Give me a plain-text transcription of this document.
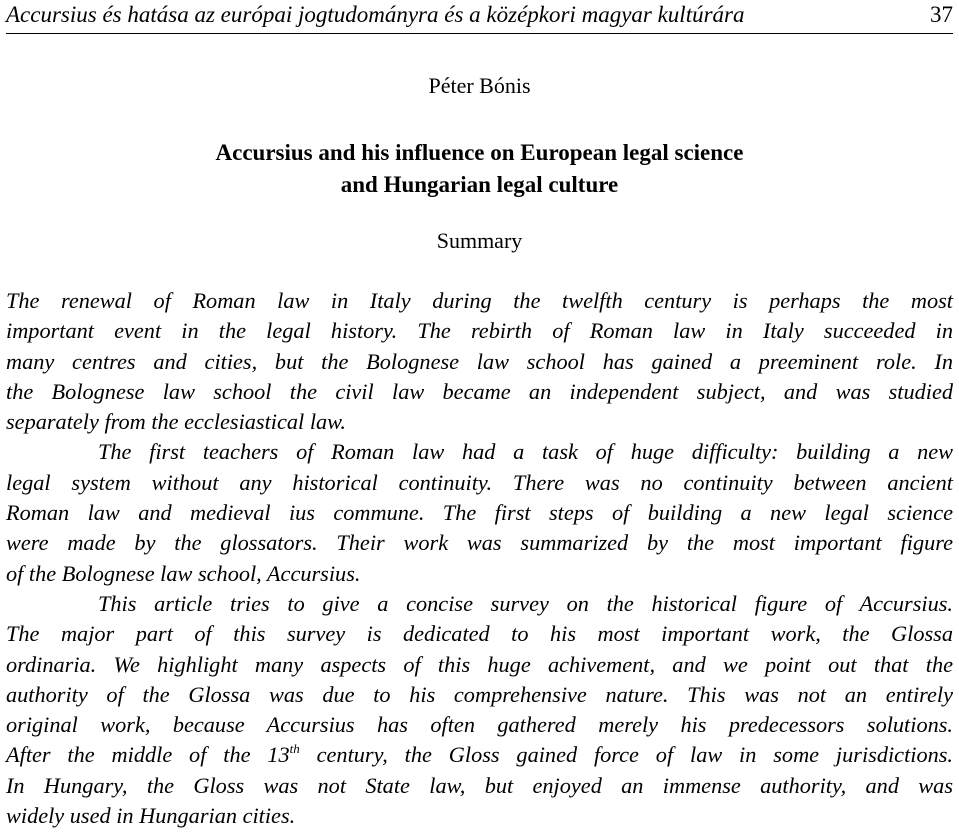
Accursius és hatása az európai jogtudományra és a középkori magyar kultúrára	37
Péter Bónis
Accursius and his influence on European legal science
and Hungarian legal culture
Summary
The renewal of Roman law in Italy during the twelfth century is perhaps the most
important event in the legal history. The rebirth of Roman law in Italy succeeded in
many centres and cities, but the Bolognese law school has gained a preeminent role. In
the Bolognese law school the civil law became an independent subject, and was studied
separately from the ecclesiastical law.
The first teachers of Roman law had a task of huge difficulty: building a new
legal system without any historical continuity. There was no continuity between ancient
Roman law and medieval ius commune. The first steps of building a new legal science
were made by the glossators. Their work was summarized by the most important figure
of the Bolognese law school, Accursius.
This article tries to give a concise survey on the historical figure of Accursius.
The major part of this survey is dedicated to his most important work, the Glossa
ordinaria. We highlight many aspects of this huge achivement, and we point out that the
authority of the Glossa was due to his comprehensive nature. This was not an entirely
original work, because Accursius has often gathered merely his predecessors solutions.
After the middle of the 13th century, the Gloss gained force of law in some jurisdictions.
In Hungary, the Gloss was not State law, but enjoyed an immense authority, and was
widely used in Hungarian cities.
